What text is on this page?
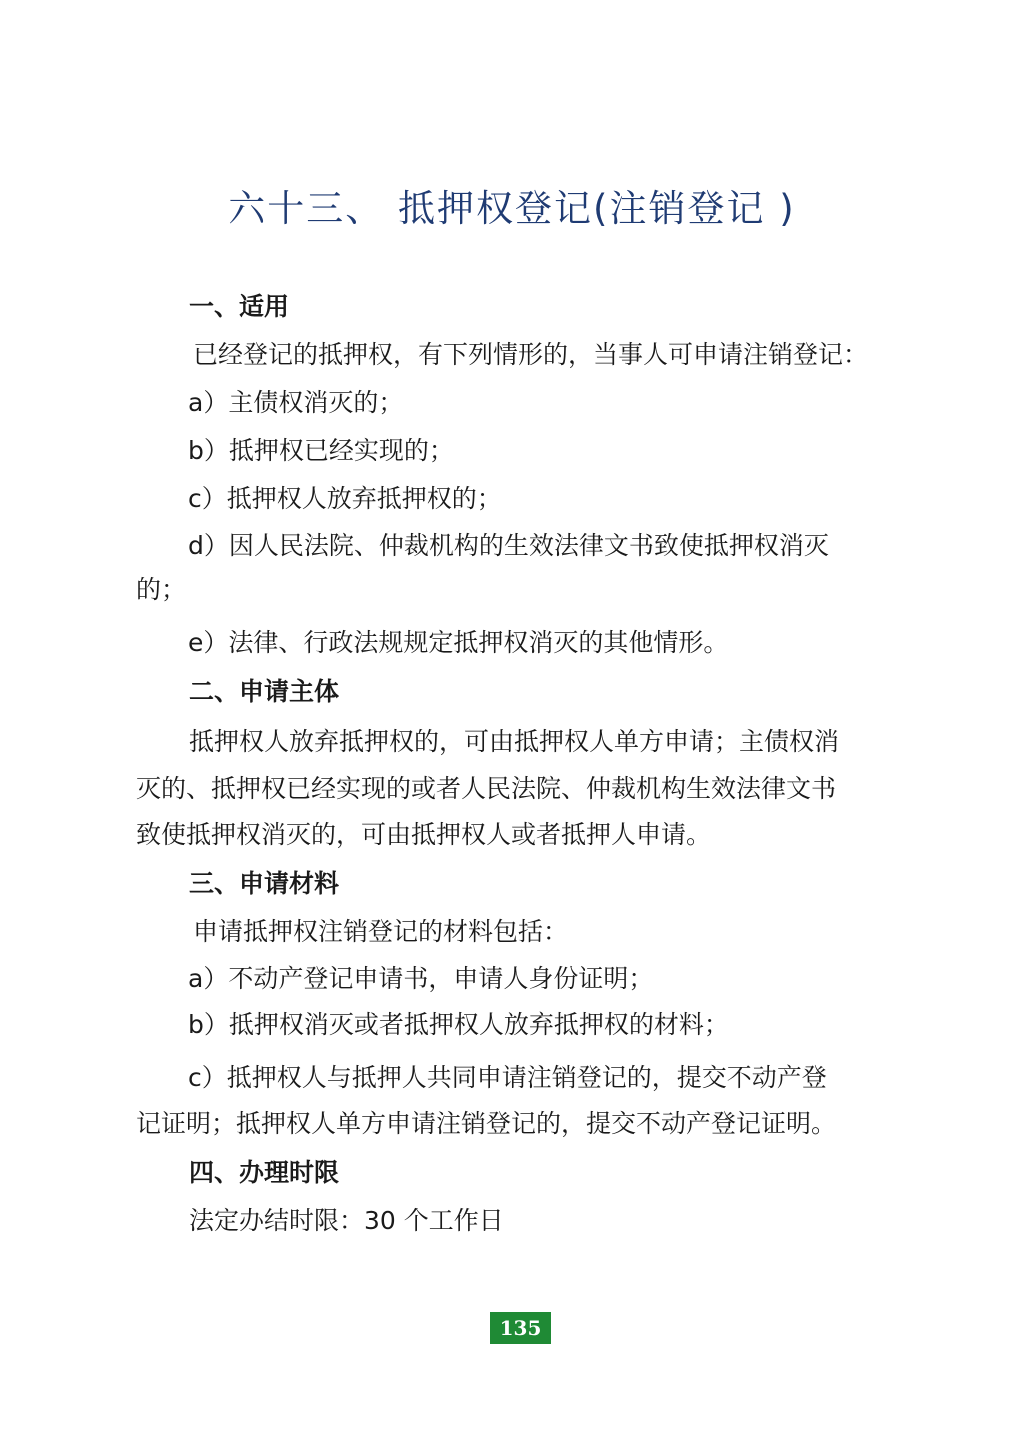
六十三、 抵押权登记(注销登记 )
一、适用
已经登记的抵押权，有下列情形的，当事人可申请注销登记：
a）主债权消灭的；
b）抵押权已经实现的；
c）抵押权人放弃抵押权的；
d）因人民法院、仲裁机构的生效法律文书致使抵押权消灭
的；
e）法律、行政法规规定抵押权消灭的其他情形。
二、申请主体
抵押权人放弃抵押权的，可由抵押权人单方申请；主债权消
灭的、抵押权已经实现的或者人民法院、仲裁机构生效法律文书
致使抵押权消灭的，可由抵押权人或者抵押人申请。
三、申请材料
申请抵押权注销登记的材料包括：
a）不动产登记申请书，申请人身份证明；
b）抵押权消灭或者抵押权人放弃抵押权的材料；
c）抵押权人与抵押人共同申请注销登记的，提交不动产登
记证明；抵押权人单方申请注销登记的，提交不动产登记证明。
四、办理时限
法定办结时限：30 个工作日
135
